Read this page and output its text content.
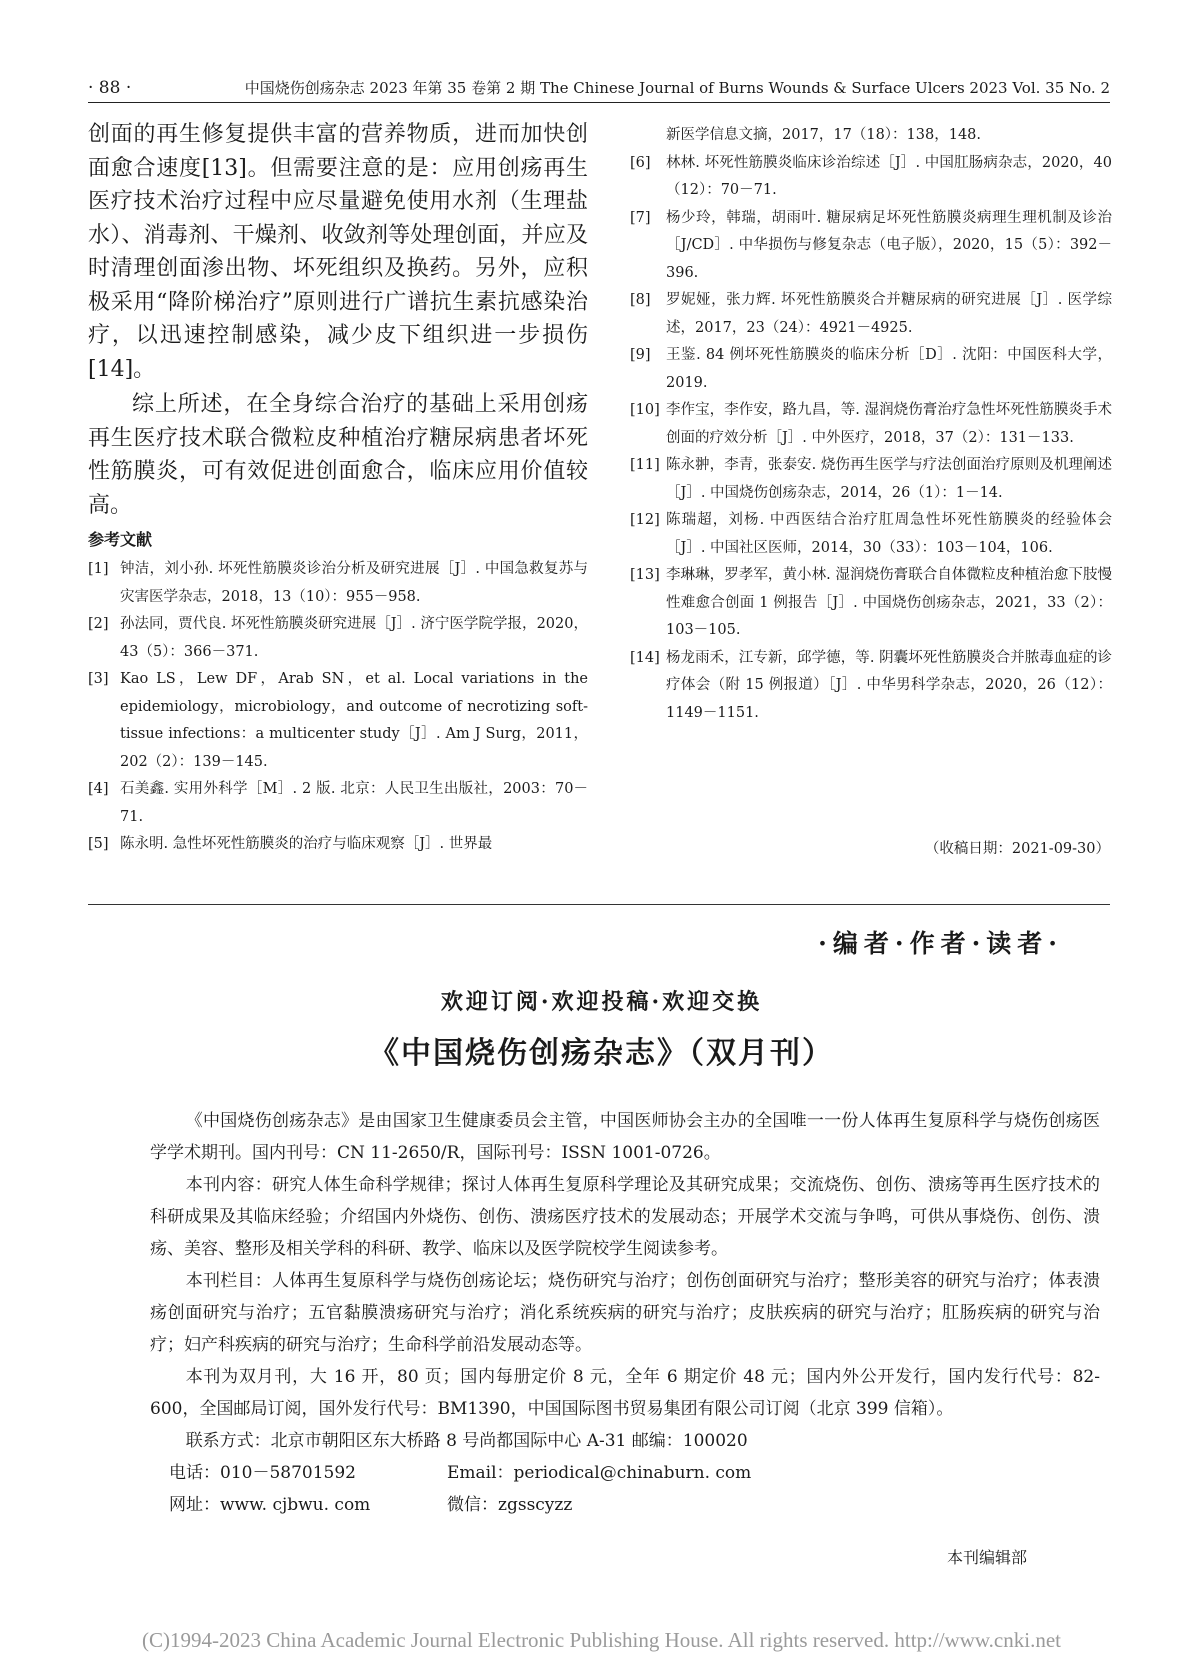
· 88 ·	中国烧伤创疡杂志 2023 年第 35 卷第 2 期 The Chinese Journal of Burns Wounds & Surface Ulcers 2023 Vol. 35 No. 2

创面的再生修复提供丰富的营养物质，进而加快创面愈合速度[13]。但需要注意的是：应用创疡再生医疗技术治疗过程中应尽量避免使用水剂（生理盐水）、消毒剂、干燥剂、收敛剂等处理创面，并应及时清理创面渗出物、坏死组织及换药。另外，应积极采用“降阶梯治疗”原则进行广谱抗生素抗感染治疗，以迅速控制感染，减少皮下组织进一步损伤[14]。

综上所述，在全身综合治疗的基础上采用创疡再生医疗技术联合微粒皮种植治疗糖尿病患者坏死性筋膜炎，可有效促进创面愈合，临床应用价值较高。

参考文献

[1] 钟洁，刘小孙. 坏死性筋膜炎诊治分析及研究进展［J］. 中国急救复苏与灾害医学杂志，2018，13（10）：955－958.

[2] 孙法同，贾代良. 坏死性筋膜炎研究进展［J］. 济宁医学院学报，2020，43（5）：366－371.

[3] Kao LS，Lew DF，Arab SN，et al. Local variations in the epidemiology，microbiology，and outcome of necrotizing soft-tissue infections：a multicenter study［J］. Am J Surg，2011，202（2）：139－145.

[4] 石美鑫. 实用外科学［M］. 2 版. 北京：人民卫生出版社，2003：70－71.

[5] 陈永明. 急性坏死性筋膜炎的治疗与临床观察［J］. 世界最

新医学信息文摘，2017，17（18）：138，148.

[6]	林林. 坏死性筋膜炎临床诊治综述［J］. 中国肛肠病杂志，2020，40（12）：70－71.

[7]	杨少玲，韩瑞，胡雨叶. 糖尿病足坏死性筋膜炎病理生理机制及诊治［J/CD］. 中华损伤与修复杂志（电子版），2020，15（5）：392－396.

[8]	罗妮娅，张力辉. 坏死性筋膜炎合并糖尿病的研究进展［J］. 医学综述，2017，23（24）：4921－4925.

[9]	王鉴. 84 例坏死性筋膜炎的临床分析［D］. 沈阳：中国医科大学，2019.

[10] 李作宝，李作安，路九昌，等. 湿润烧伤膏治疗急性坏死性筋膜炎手术创面的疗效分析［J］. 中外医疗，2018，37（2）：131－133.

[11] 陈永翀，李青，张泰安. 烧伤再生医学与疗法创面治疗原则及机理阐述［J］. 中国烧伤创疡杂志，2014，26（1）：1－14.

[12] 陈瑞超，刘杨. 中西医结合治疗肛周急性坏死性筋膜炎的经验体会［J］. 中国社区医师，2014，30（33）：103－104，106.

[13] 李琳琳，罗孝军，黄小林. 湿润烧伤膏联合自体微粒皮种植治愈下肢慢性难愈合创面 1 例报告［J］. 中国烧伤创疡杂志，2021，33（2）：103－105.

[14] 杨龙雨禾，江专新，邱学德，等. 阴囊坏死性筋膜炎合并脓毒血症的诊疗体会（附 15 例报道）［J］. 中华男科学杂志，2020，26（12）：1149－1151.

（收稿日期：2021-09-30）
·编者·作者·读者·
欢迎订阅·欢迎投稿·欢迎交换
《中国烧伤创疡杂志》（双月刊）

《中国烧伤创疡杂志》是由国家卫生健康委员会主管，中国医师协会主办的全国唯一一份人体再生复原科学与烧伤创疡医学学术期刊。国内刊号：CN 11-2650/R，国际刊号：ISSN 1001-0726。

本刊内容：研究人体生命科学规律；探讨人体再生复原科学理论及其研究成果；交流烧伤、创伤、溃疡等再生医疗技术的科研成果及其临床经验；介绍国内外烧伤、创伤、溃疡医疗技术的发展动态；开展学术交流与争鸣，可供从事烧伤、创伤、溃疡、美容、整形及相关学科的科研、教学、临床以及医学院校学生阅读参考。

本刊栏目：人体再生复原科学与烧伤创疡论坛；烧伤研究与治疗；创伤创面研究与治疗；整形美容的研究与治疗；体表溃疡创面研究与治疗；五官黏膜溃疡研究与治疗；消化系统疾病的研究与治疗；皮肤疾病的研究与治疗；肛肠疾病的研究与治疗；妇产科疾病的研究与治疗；生命科学前沿发展动态等。

本刊为双月刊，大 16 开，80 页；国内每册定价 8 元，全年 6 期定价 48 元；国内外公开发行，国内发行代号：82-600，全国邮局订阅，国外发行代号：BM1390，中国国际图书贸易集团有限公司订阅（北京 399 信箱）。

联系方式：北京市朝阳区东大桥路 8 号尚都国际中心 A-31 邮编：100020

电话：010－58701592	Email：periodical@chinaburn. com
网址：www. cjbwu. com	微信：zgsscyzz
本刊编辑部
(C)1994-2023 China Academic Journal Electronic Publishing House. All rights reserved. http://www.cnki.net
